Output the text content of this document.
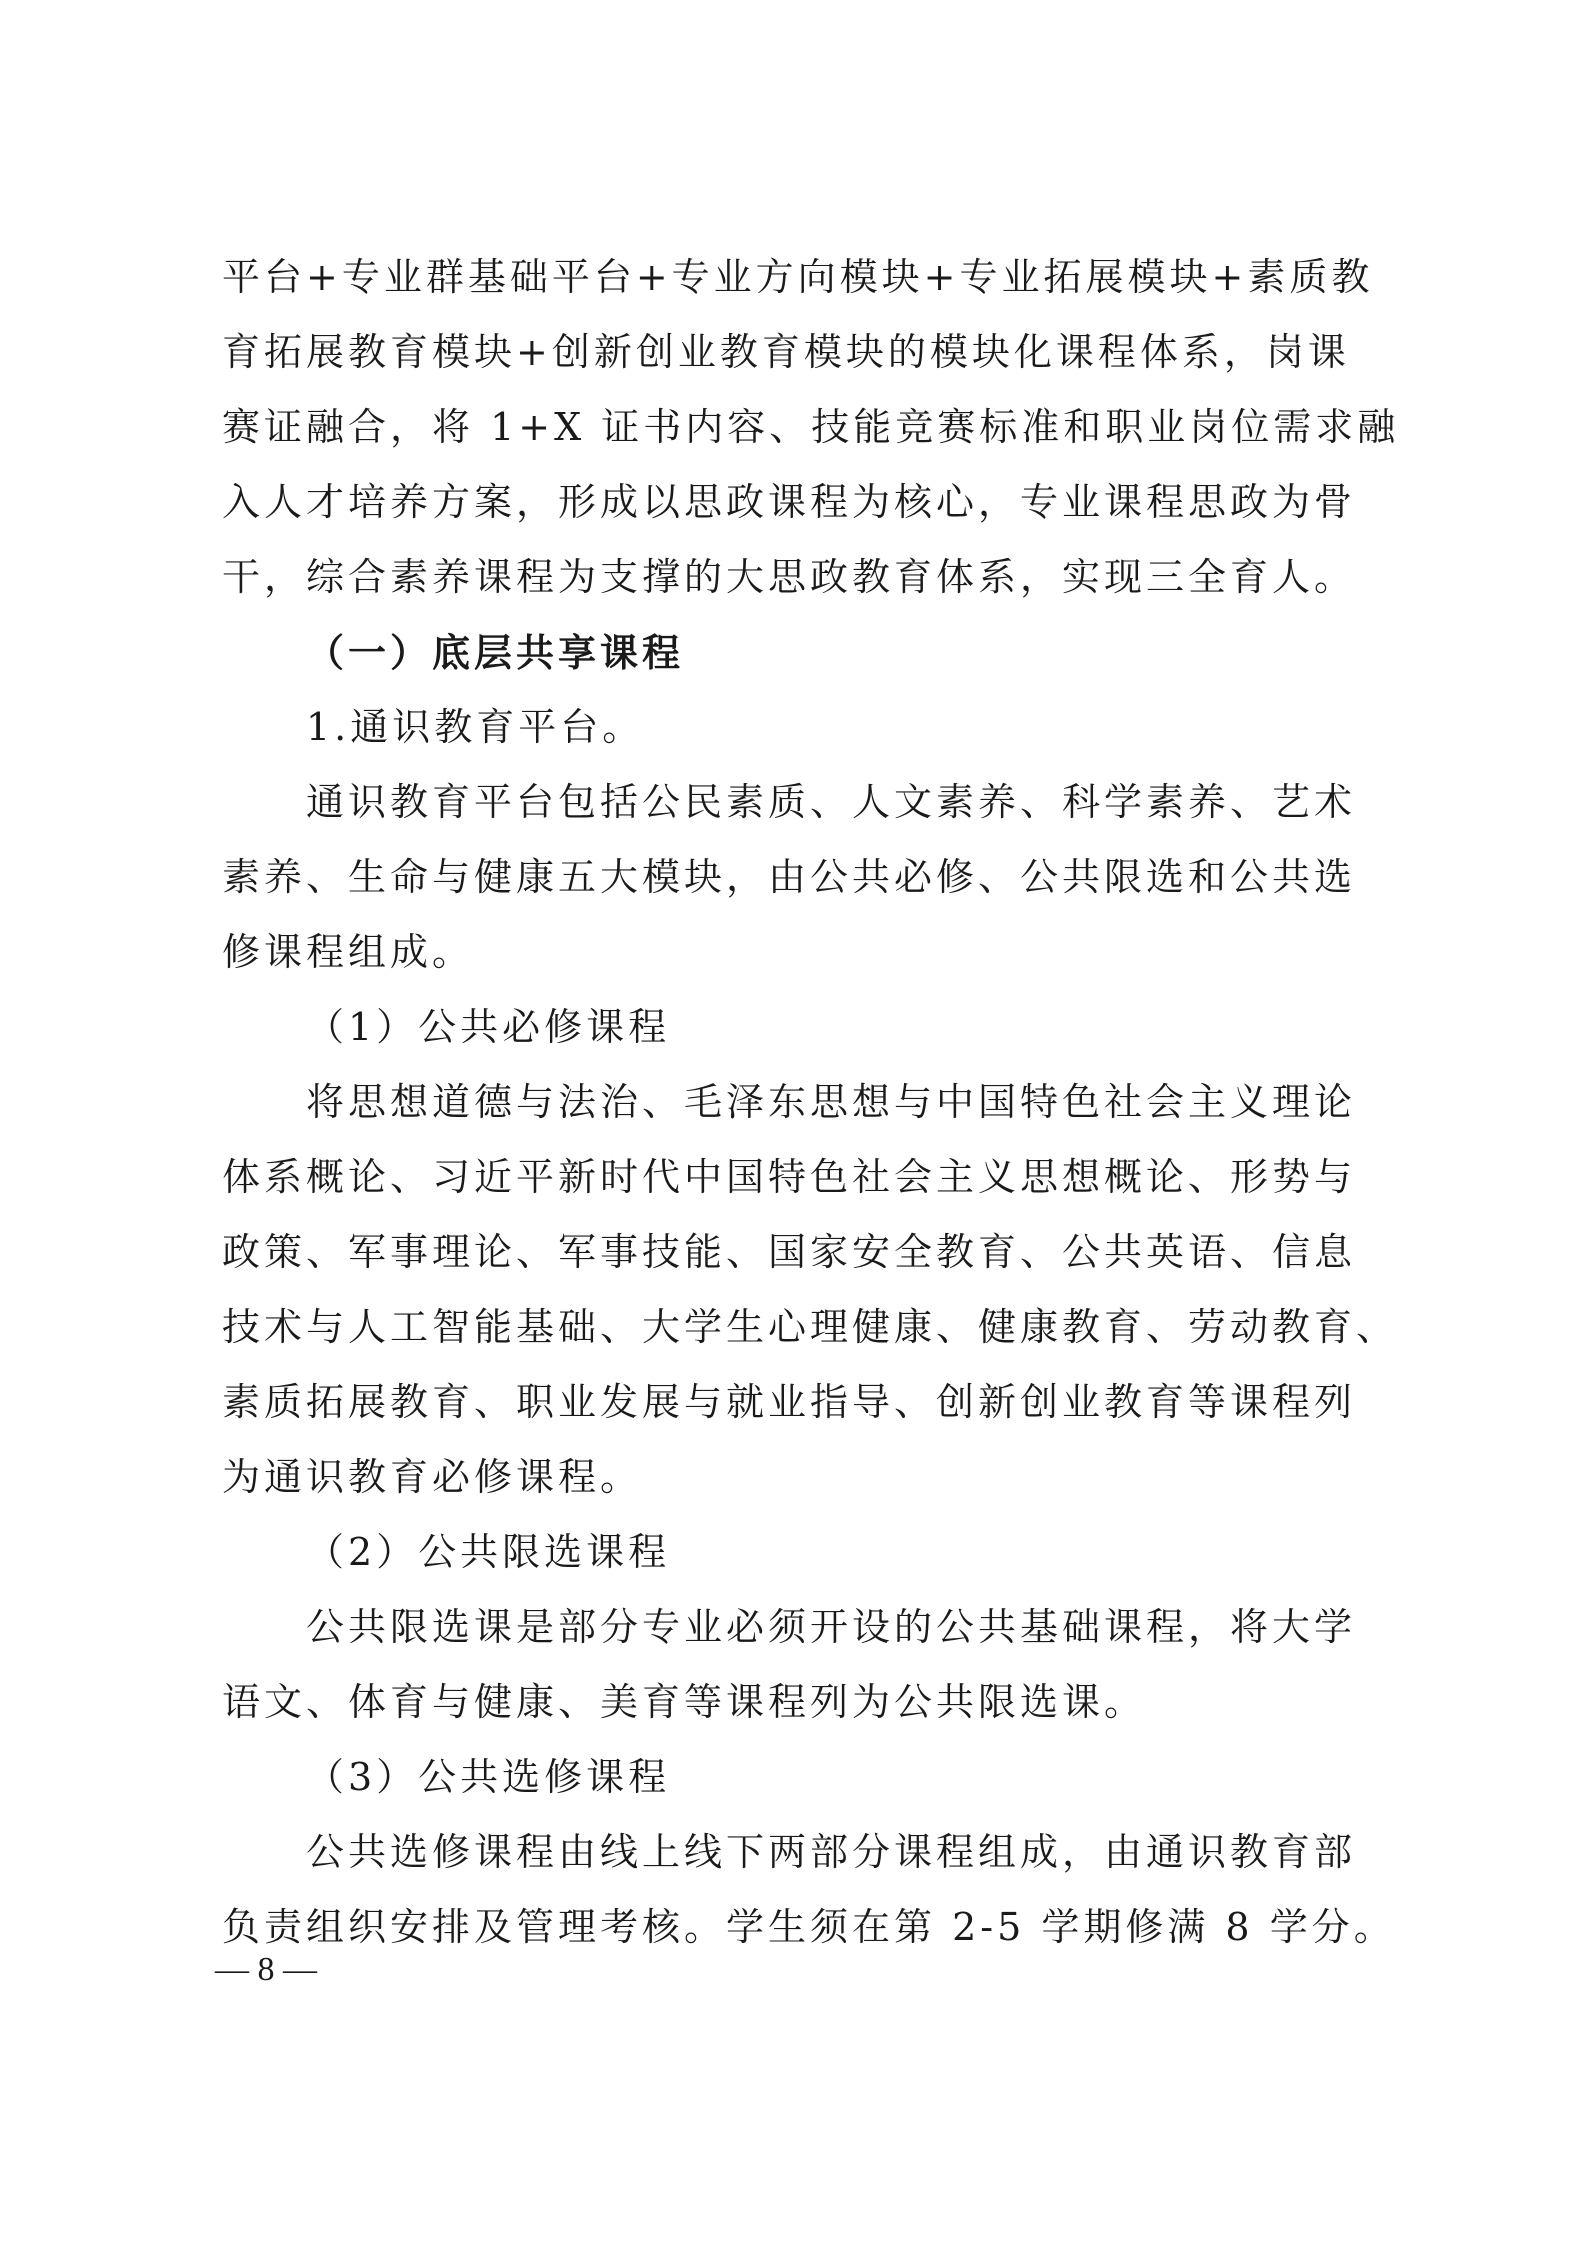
平台+专业群基础平台+专业方向模块+专业拓展模块+素质教
育拓展教育模块+创新创业教育模块的模块化课程体系，岗课
赛证融合，将 1+X 证书内容、技能竞赛标准和职业岗位需求融
入人才培养方案，形成以思政课程为核心，专业课程思政为骨
干，综合素养课程为支撑的大思政教育体系，实现三全育人。
（一）底层共享课程
1.通识教育平台。
通识教育平台包括公民素质、人文素养、科学素养、艺术
素养、生命与健康五大模块，由公共必修、公共限选和公共选
修课程组成。
（1）公共必修课程
将思想道德与法治、毛泽东思想与中国特色社会主义理论
体系概论、习近平新时代中国特色社会主义思想概论、形势与
政策、军事理论、军事技能、国家安全教育、公共英语、信息
技术与人工智能基础、大学生心理健康、健康教育、劳动教育、
素质拓展教育、职业发展与就业指导、创新创业教育等课程列
为通识教育必修课程。
（2）公共限选课程
公共限选课是部分专业必须开设的公共基础课程，将大学
语文、体育与健康、美育等课程列为公共限选课。
（3）公共选修课程
公共选修课程由线上线下两部分课程组成，由通识教育部
负责组织安排及管理考核。学生须在第 2-5 学期修满 8 学分。
— 8 —
